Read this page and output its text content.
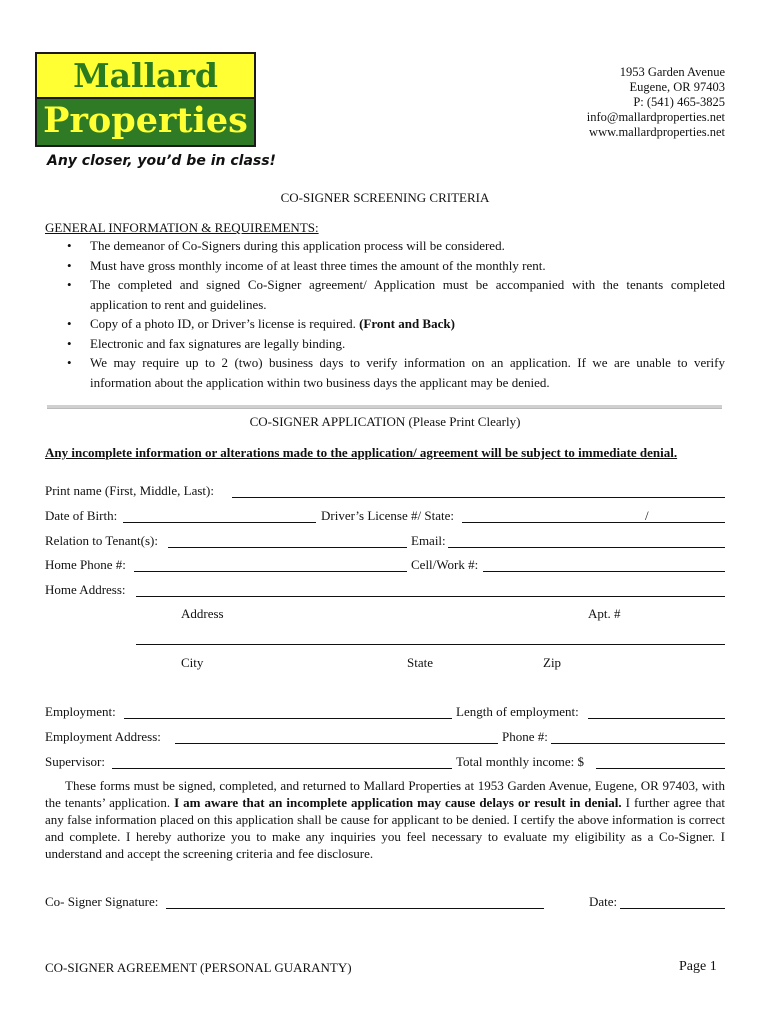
Mallard
Properties
Any closer, you’d be in class!
1953 Garden Avenue
Eugene, OR 97403
P: (541) 465-3825
info@mallardproperties.net
www.mallardproperties.net
CO-SIGNER SCREENING CRITERIA
GENERAL INFORMATION & REQUIREMENTS:
• The demeanor of Co-Signers during this application process will be considered.
• Must have gross monthly income of at least three times the amount of the monthly rent.
• The completed and signed Co-Signer agreement/ Application must be accompanied with the tenants completed application to rent and guidelines.
• Copy of a photo ID, or Driver’s license is required. (Front and Back)
• Electronic and fax signatures are legally binding.
• We may require up to 2 (two) business days to verify information on an application. If we are unable to verify information about the application within two business days the applicant may be denied.
CO-SIGNER APPLICATION (Please Print Clearly)
Any incomplete information or alterations made to the application/ agreement will be subject to immediate denial.
Print name (First, Middle, Last):
Date of Birth:	Driver’s License #/ State:	/
Relation to Tenant(s):	Email:
Home Phone #:	Cell/Work #:
Home Address:
Address	Apt. #
City	State	Zip
Employment:	Length of employment:
Employment Address:	Phone #:
Supervisor:	Total monthly income: $
These forms must be signed, completed, and returned to Mallard Properties at 1953 Garden Avenue, Eugene, OR 97403, with the tenants’ application. I am aware that an incomplete application may cause delays or result in denial. I further agree that any false information placed on this application shall be cause for applicant to be denied. I certify the above information is correct and complete. I hereby authorize you to make any inquiries you feel necessary to evaluate my eligibility as a Co-Signer. I understand and accept the screening criteria and fee disclosure.
Co- Signer Signature:	Date:
CO-SIGNER AGREEMENT (PERSONAL GUARANTY)	Page 1
